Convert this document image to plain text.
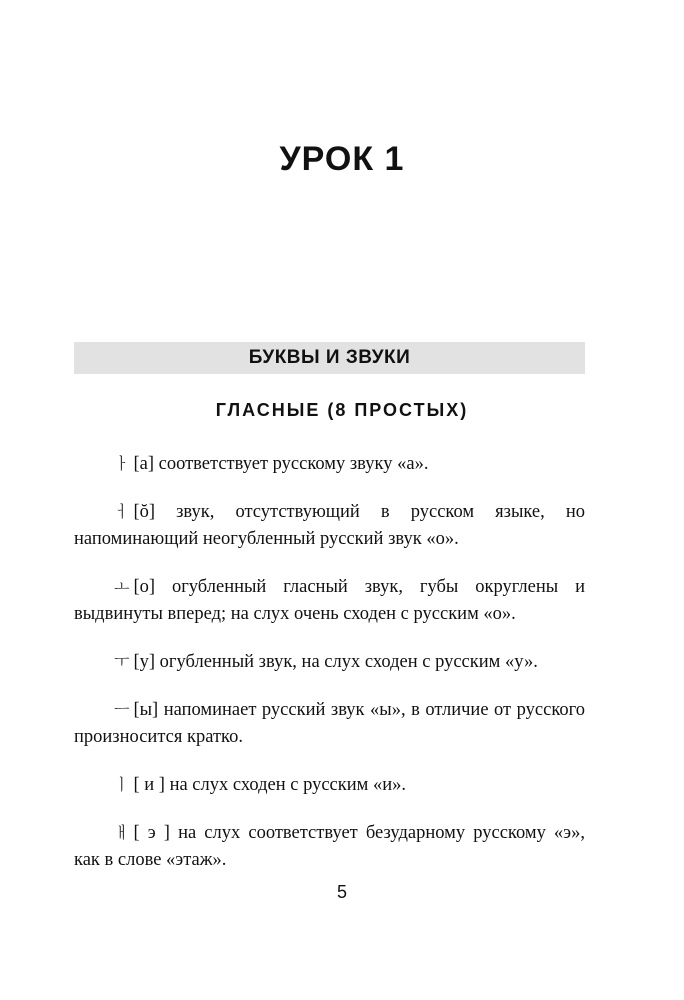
УРОК 1
БУКВЫ И ЗВУКИ
ГЛАСНЫЕ (8 ПРОСТЫХ)

ㅏ [а] соответствует русскому звуку «а».

ㅓ [ŏ] звук, отсутствующий в русском языке, но напоминающий неогубленный русский звук «о».

ㅗ [о] огубленный гласный звук, губы округлены и выдвинуты вперед; на слух очень сходен с русским «о».

ㅜ [у] огубленный звук, на слух сходен с русским «у».

ㅡ [ы] напоминает русский звук «ы», в отличие от русского произносится кратко.

ㅣ [ и ] на слух сходен с русским «и».

ㅐ [ э ] на слух соответствует безударному русскому «э», как в слове «этаж».

5
